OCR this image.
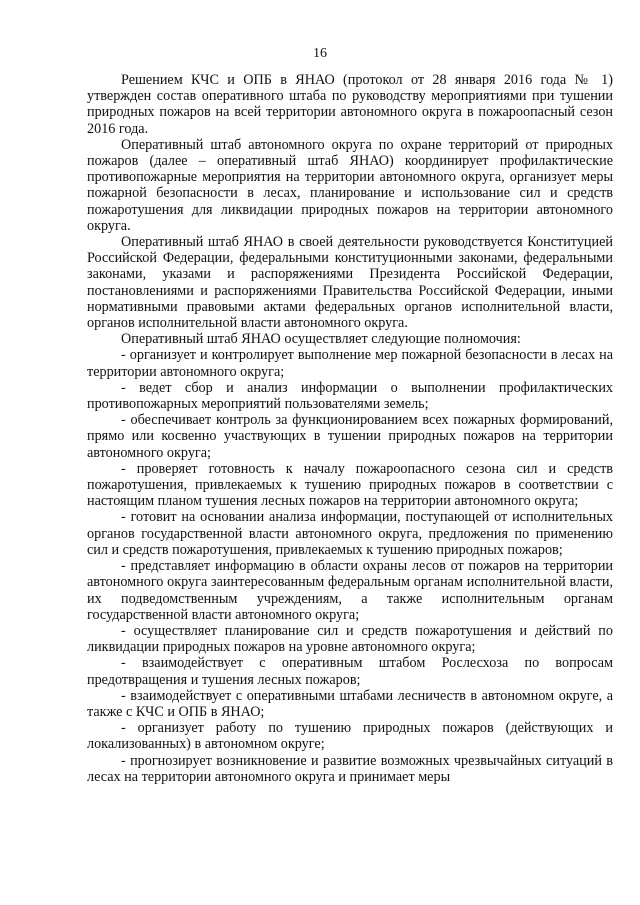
16

Решением КЧС и ОПБ в ЯНАО (протокол от 28 января 2016 года № 1) утвержден состав оперативного штаба по руководству мероприятиями при тушении природных пожаров на всей территории автономного округа в пожароопасный сезон 2016 года.

Оперативный штаб автономного округа по охране территорий от природных пожаров (далее – оперативный штаб ЯНАО) координирует профилактические противопожарные мероприятия на территории автономного округа, организует меры пожарной безопасности в лесах, планирование и использование сил и средств пожаротушения для ликвидации природных пожаров на территории автономного округа.

Оперативный штаб ЯНАО в своей деятельности руководствуется Конституцией Российской Федерации, федеральными конституционными законами, федеральными законами, указами и распоряжениями Президента Российской Федерации, постановлениями и распоряжениями Правительства Российской Федерации, иными нормативными правовыми актами федеральных органов исполнительной власти, органов исполнительной власти автономного округа.

Оперативный штаб ЯНАО осуществляет следующие полномочия:

- организует и контролирует выполнение мер пожарной безопасности в лесах на территории автономного округа;
- ведет сбор и анализ информации о выполнении профилактических противопожарных мероприятий пользователями земель;
- обеспечивает контроль за функционированием всех пожарных формирований, прямо или косвенно участвующих в тушении природных пожаров на территории автономного округа;
- проверяет готовность к началу пожароопасного сезона сил и средств пожаротушения, привлекаемых к тушению природных пожаров в соответствии с настоящим планом тушения лесных пожаров на территории автономного округа;
- готовит на основании анализа информации, поступающей от исполнительных органов государственной власти автономного округа, предложения по применению сил и средств пожаротушения, привлекаемых к тушению природных пожаров;
- представляет информацию в области охраны лесов от пожаров на территории автономного округа заинтересованным федеральным органам исполнительной власти, их подведомственным учреждениям, а также исполнительным органам государственной власти автономного округа;
- осуществляет планирование сил и средств пожаротушения и действий по ликвидации природных пожаров на уровне автономного округа;
- взаимодействует с оперативным штабом Рослесхоза по вопросам предотвращения и тушения лесных пожаров;
- взаимодействует с оперативными штабами лесничеств в автономном округе, а также с КЧС и ОПБ в ЯНАО;
- организует работу по тушению природных пожаров (действующих и локализованных) в автономном округе;
- прогнозирует возникновение и развитие возможных чрезвычайных ситуаций в лесах на территории автономного округа и принимает меры
